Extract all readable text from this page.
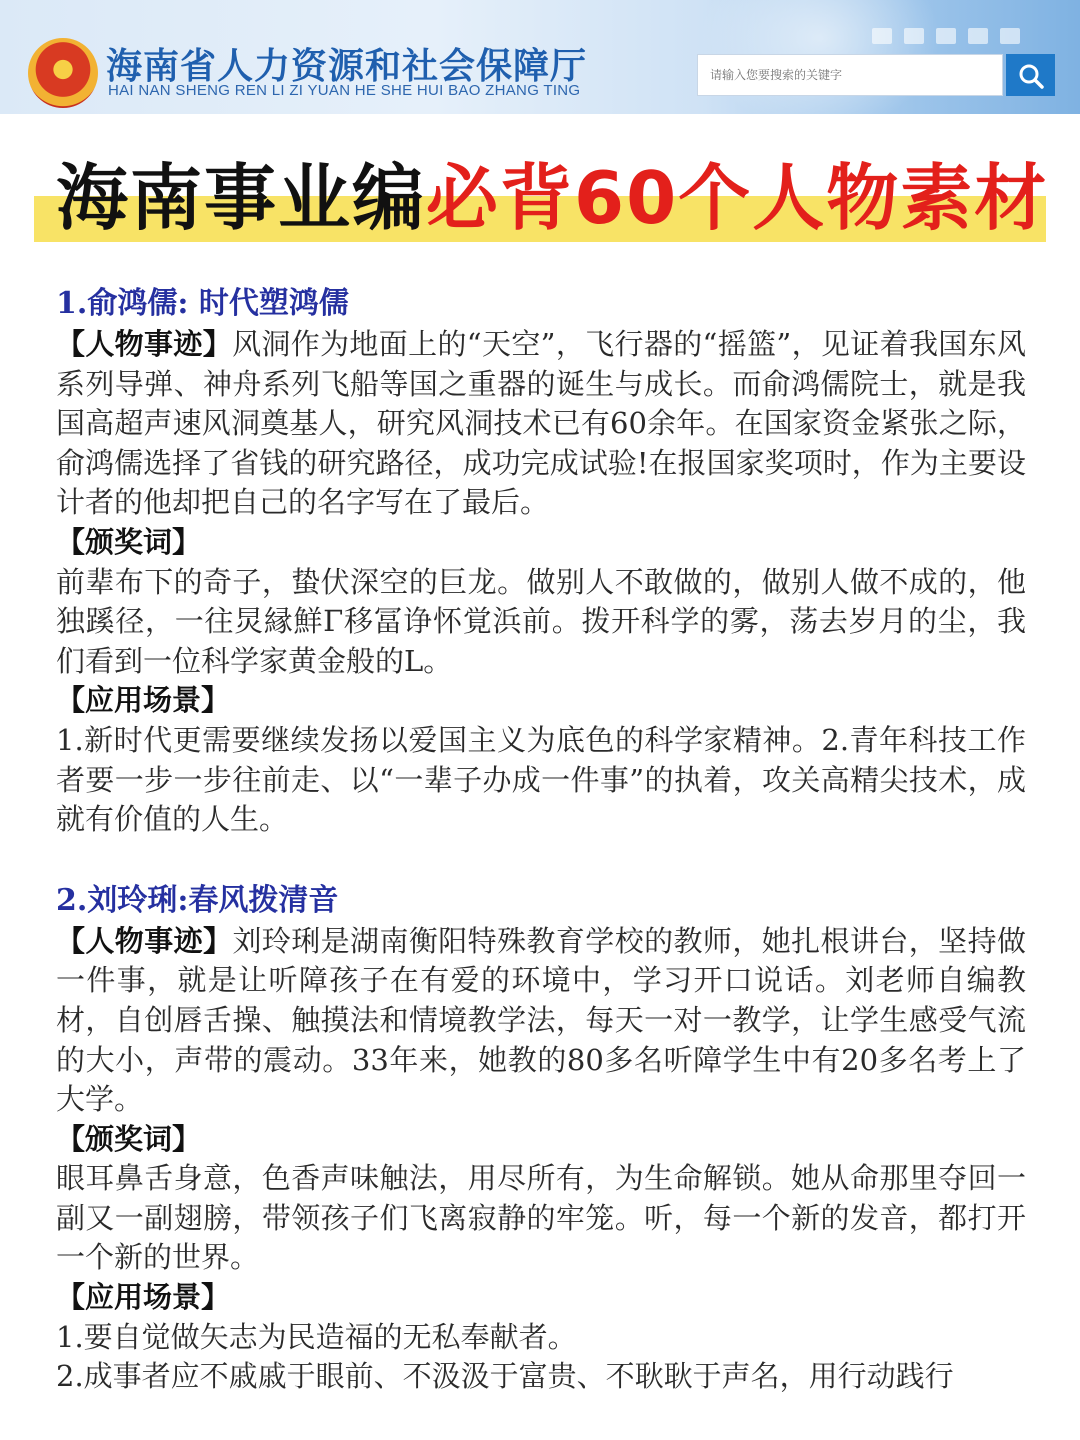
海南省人力资源和社会保障厅
HAI NAN SHENG REN LI ZI YUAN HE SHE HUI BAO ZHANG TING
请输入您要搜索的关键字
海南事业编必背60个人物素材

1.俞鸿儒: 时代塑鸿儒

【人物事迹】风洞作为地面上的“天空”，飞行器的“摇篮”，见证着我国东风系列导弹、神舟系列飞船等国之重器的诞生与成长。而俞鸿儒院士，就是我国高超声速风洞奠基人，研究风洞技术已有60余年。在国家资金紧张之际，俞鸿儒选择了省钱的研究路径，成功完成试验!在报国家奖项时，作为主要设计者的他却把自己的名字写在了最后。

【颁奖词】

前辈布下的奇子，蛰伏深空的巨龙。做别人不敢做的，做别人做不成的，他独蹊径，一往炅縁鮮Γ移冨诤怀覚浜前。拨开科学的雾，荡去岁月的尘，我们看到一位科学家黄金般的L。

【应用场景】

1.新时代更需要继续发扬以爱国主义为底色的科学家精神。2.青年科技工作者要一步一步往前走、以“一辈子办成一件事”的执着，攻关高精尖技术，成就有价值的人生。

2.刘玲琍:春风拨清音

【人物事迹】刘玲琍是湖南衡阳特殊教育学校的教师，她扎根讲台，坚持做一件事，就是让听障孩子在有爱的环境中，学习开口说话。刘老师自编教材，自创唇舌操、触摸法和情境教学法，每天一对一教学，让学生感受气流的大小，声带的震动。33年来，她教的80多名听障学生中有20多名考上了大学。

【颁奖词】

眼耳鼻舌身意，色香声味触法，用尽所有，为生命解锁。她从命那里夺回一副又一副翅膀，带领孩子们飞离寂静的牢笼。听，每一个新的发音，都打开一个新的世界。

【应用场景】

1.要自觉做矢志为民造福的无私奉献者。

2.成事者应不戚戚于眼前、不汲汲于富贵、不耿耿于声名，用行动践行
